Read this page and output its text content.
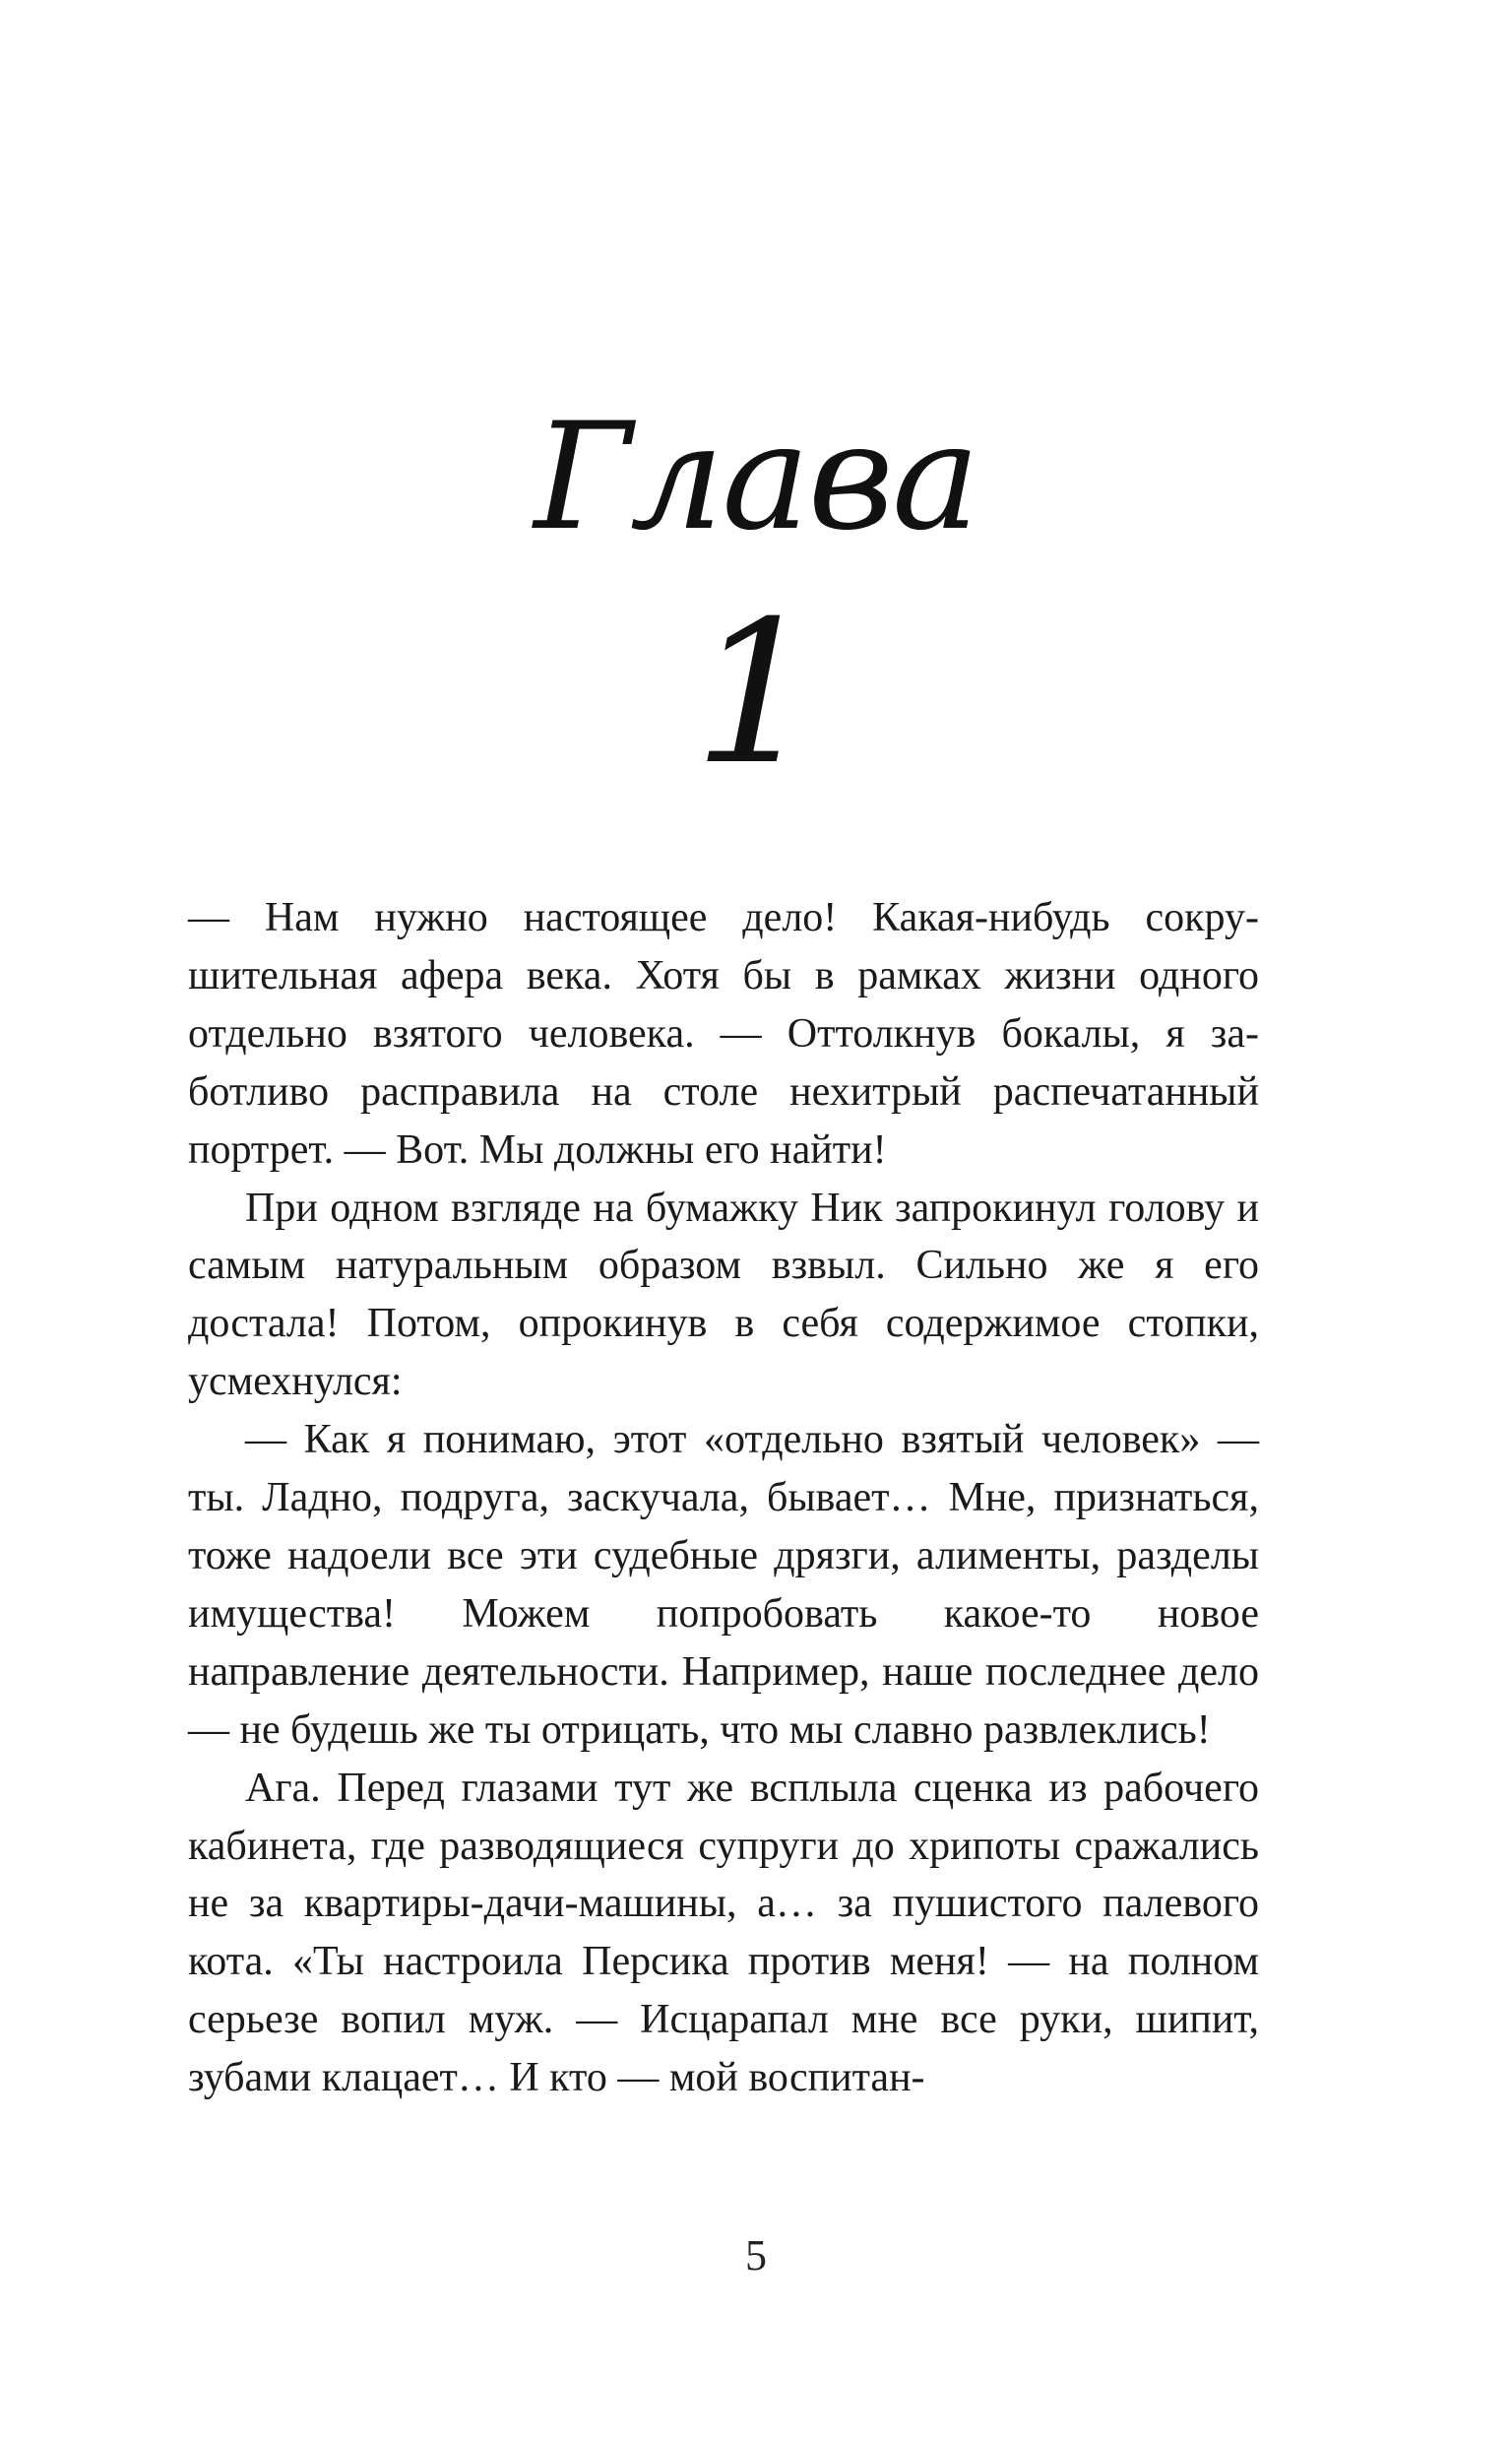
Глава
1

— Нам нужно настоящее дело! Какая-нибудь сокрушительная афера века. Хотя бы в рамках жизни одного отдельно взятого человека. — Оттолкнув бокалы, я заботливо расправила на столе нехитрый распечатанный портрет. — Вот. Мы должны его найти!

При одном взгляде на бумажку Ник запрокинул голову и самым натуральным образом взвыл. Сильно же я его достала! Потом, опрокинув в себя содержимое стопки, усмехнулся:

— Как я понимаю, этот «отдельно взятый человек» — ты. Ладно, подруга, заскучала, бывает… Мне, признаться, тоже надоели все эти судебные дрязги, алименты, разделы имущества! Можем попробовать какое-то новое направление деятельности. Например, наше последнее дело — не будешь же ты отрицать, что мы славно развлеклись!

Ага. Перед глазами тут же всплыла сценка из рабочего кабинета, где разводящиеся супруги до хрипоты сражались не за квартиры-дачи-машины, а… за пушистого палевого кота. «Ты настроила Персика против меня! — на полном серьезе вопил муж. — Исцарапал мне все руки, шипит, зубами клацает… И кто — мой воспитан-

5
